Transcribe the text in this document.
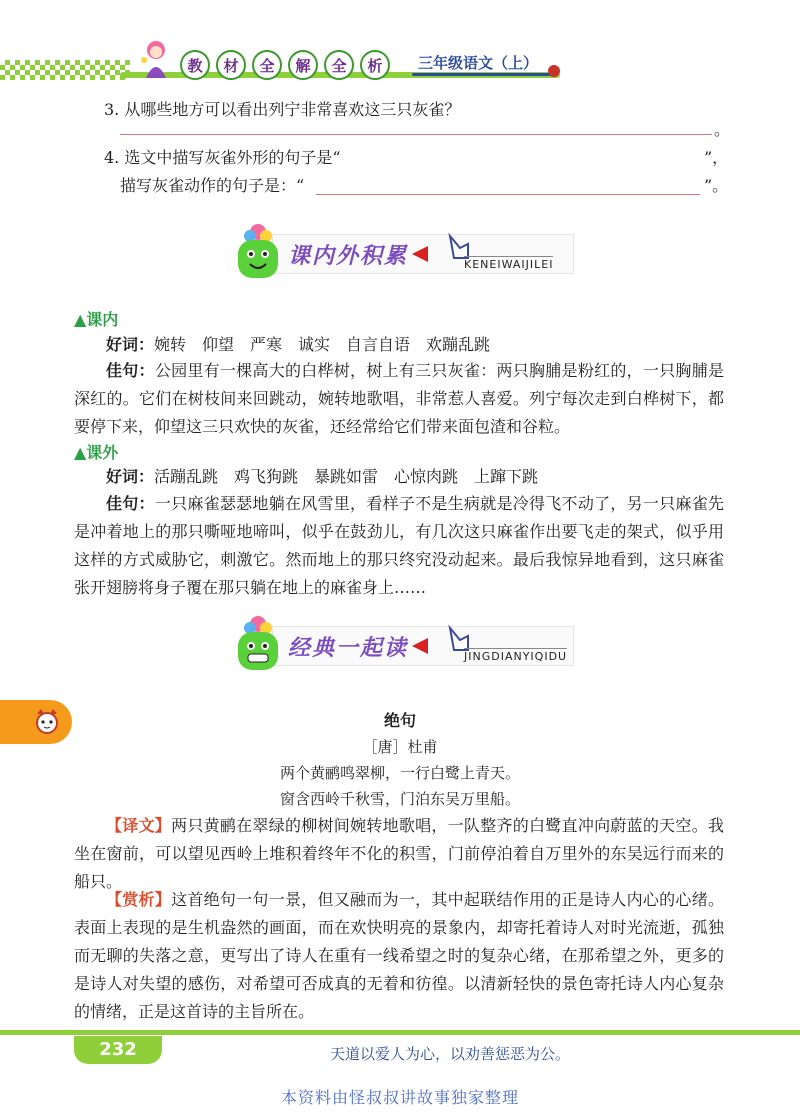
教	材	全	解	全	析	三年级语文（上）
3. 从哪些地方可以看出列宁非常喜欢这三只灰雀？
。
4. 选文中描写灰雀外形的句子是“	”，
描写灰雀动作的句子是：“	”。
课内外积累	KENEIWAIJILEI
▲课内
好词：婉转　仰望　严寒　诚实　自言自语　欢蹦乱跳
佳句：公园里有一棵高大的白桦树，树上有三只灰雀：两只胸脯是粉红的，一只胸脯是深红的。它们在树枝间来回跳动，婉转地歌唱，非常惹人喜爱。列宁每次走到白桦树下，都要停下来，仰望这三只欢快的灰雀，还经常给它们带来面包渣和谷粒。
▲课外
好词：活蹦乱跳　鸡飞狗跳　暴跳如雷　心惊肉跳　上蹿下跳
佳句：一只麻雀瑟瑟地躺在风雪里，看样子不是生病就是冷得飞不动了，另一只麻雀先是冲着地上的那只嘶哑地啼叫，似乎在鼓劲儿，有几次这只麻雀作出要飞走的架式，似乎用这样的方式威胁它，刺激它。然而地上的那只终究没动起来。最后我惊异地看到，这只麻雀张开翅膀将身子覆在那只躺在地上的麻雀身上……
经典一起读	JINGDIANYIQIDU
绝句
［唐］杜甫
两个黄鹂鸣翠柳，一行白鹭上青天。
窗含西岭千秋雪，门泊东吴万里船。
【译文】两只黄鹂在翠绿的柳树间婉转地歌唱，一队整齐的白鹭直冲向蔚蓝的天空。我坐在窗前，可以望见西岭上堆积着终年不化的积雪，门前停泊着自万里外的东吴远行而来的船只。
【赏析】这首绝句一句一景，但又融而为一，其中起联结作用的正是诗人内心的心绪。表面上表现的是生机盎然的画面，而在欢快明亮的景象内，却寄托着诗人对时光流逝，孤独而无聊的失落之意，更写出了诗人在重有一线希望之时的复杂心绪，在那希望之外，更多的是诗人对失望的感伤，对希望可否成真的无着和彷徨。以清新轻快的景色寄托诗人内心复杂的情绪，正是这首诗的主旨所在。
232	天道以爱人为心，以劝善惩恶为公。
本资料由怪叔叔讲故事独家整理
